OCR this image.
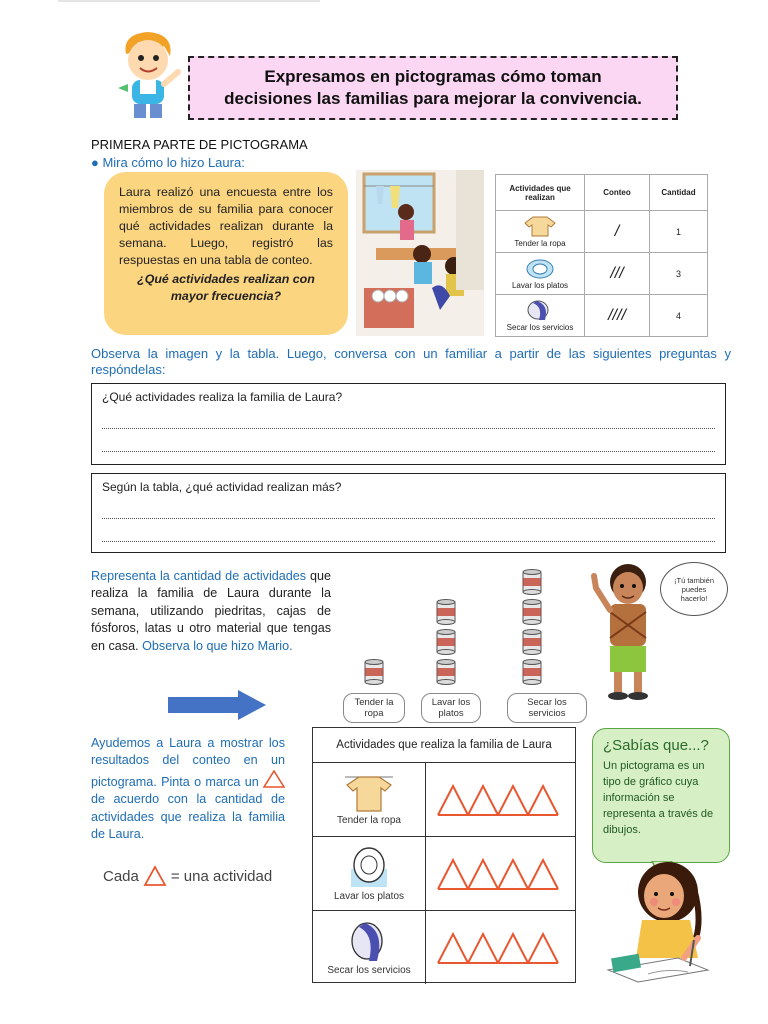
Expresamos en pictogramas cómo toman
decisiones las familias para mejorar la convivencia.
PRIMERA PARTE DE PICTOGRAMA
● Mira cómo lo hizo Laura:
Laura realizó una encuesta entre los miembros de su familia para conocer qué actividades realizan durante la semana. Luego, registró las respuestas en una tabla de conteo.
¿Qué actividades realizan con mayor frecuencia?
Actividades que realizan	Conteo	Cantidad

Tender la ropa	/	1

Lavar los platos	///	3

Secar los servicios	////	4
Observa la imagen y la tabla. Luego, conversa con un familiar a partir de las siguientes preguntas y respóndelas:
¿Qué actividades realiza la familia de Laura?
Según la tabla, ¿qué actividad realizan más?
Representa la cantidad de actividades que realiza la familia de Laura durante la semana, utilizando piedritas, cajas de fósforos, latas u otro material que tengas en casa. Observa lo que hizo Mario.
Tender la ropa
Lavar los platos
Secar los servicios
¡Tú también puedes hacerlo!
Ayudemos a Laura a mostrar los resultados del conteo en un pictograma. Pinta o marca un  de acuerdo con la cantidad de actividades que realiza la familia de Laura.
Cada = una actividad
Actividades que realiza la familia de Laura
Tender la ropa
Lavar los platos
Secar los servicios
¿Sabías que...?
Un pictograma es un tipo de gráfico cuya información se representa a través de dibujos.
